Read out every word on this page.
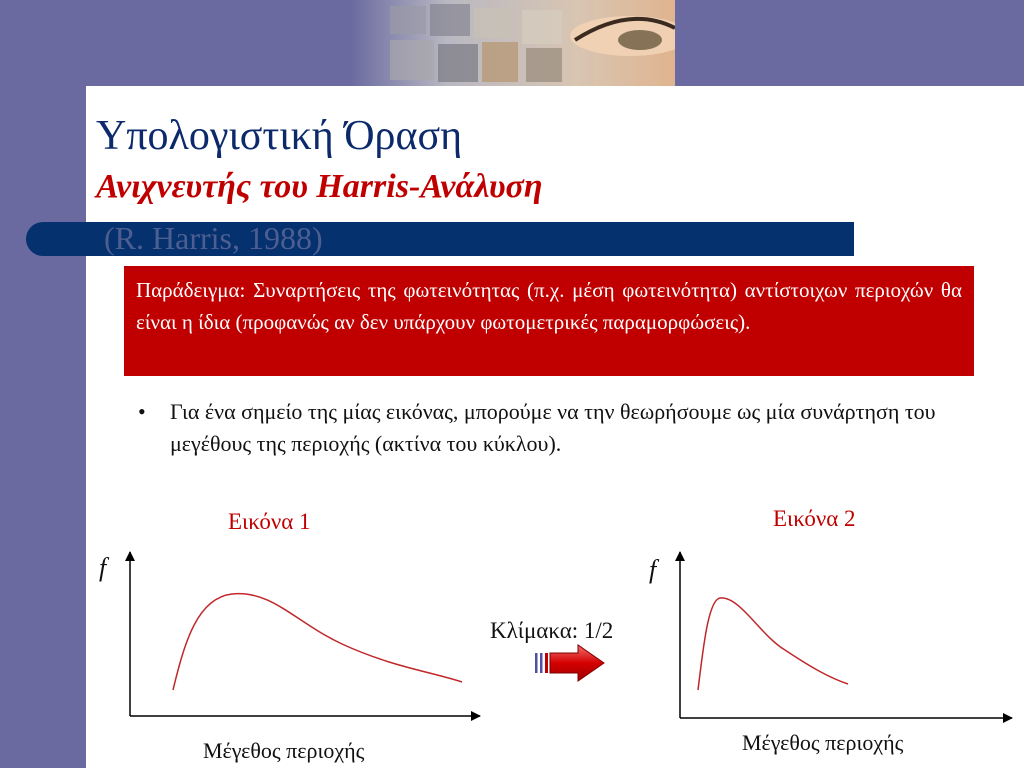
Υπολογιστική Όραση
Ανιχνευτής του Harris-Ανάλυση
(R. Harris, 1988)
Παράδειγμα: Συναρτήσεις της φωτεινότητας (π.χ. μέση φωτεινότητα) αντίστοιχων περιοχών θα είναι η ίδια (προφανώς αν δεν υπάρχουν φωτομετρικές παραμορφώσεις).
• Για ένα σημείο της μίας εικόνας, μπορούμε να την θεωρήσουμε ως μία συνάρτηση του μεγέθους της περιοχής (ακτίνα του κύκλου).
Εικόνα 1	Εικόνα 2
f	f
Μέγεθος περιοχής	Μέγεθος περιοχής
Κλίμακα: 1/2
